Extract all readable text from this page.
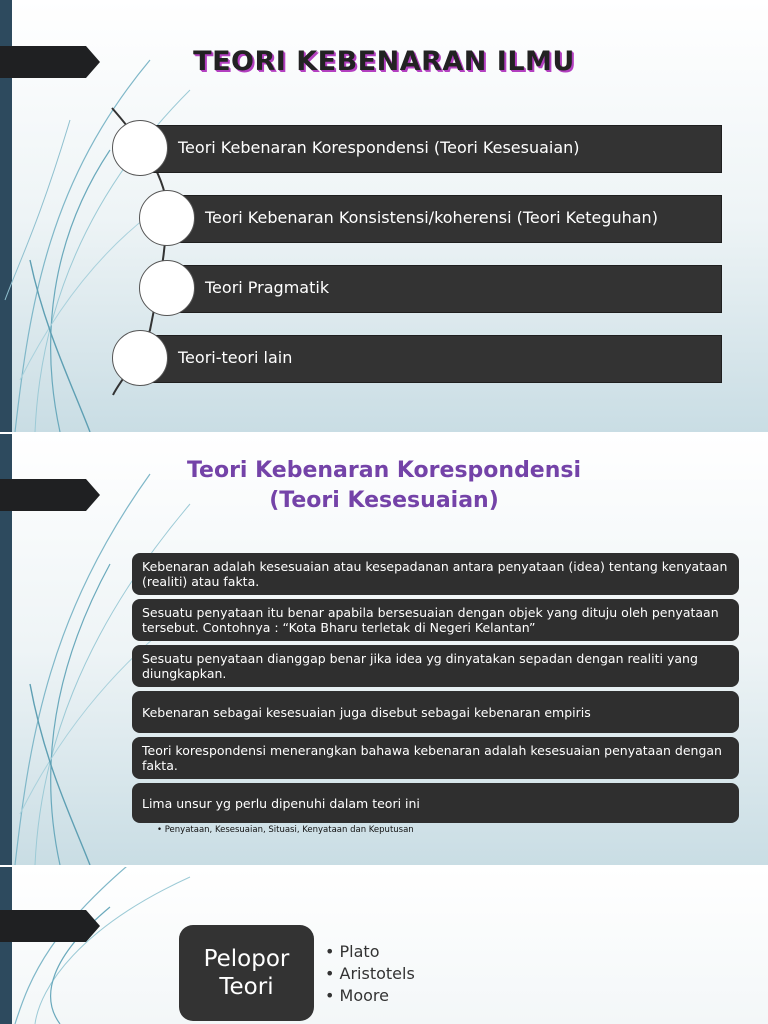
TEORI KEBENARAN ILMU
Teori Kebenaran Korespondensi (Teori Kesesuaian)
Teori Kebenaran Konsistensi/koherensi (Teori Keteguhan)
Teori Pragmatik
Teori-teori lain
Teori Kebenaran Korespondensi
(Teori Kesesuaian)
Kebenaran adalah kesesuaian atau kesepadanan antara penyataan (idea) tentang kenyataan (realiti) atau fakta.
Sesuatu penyataan itu benar apabila bersesuaian dengan objek yang dituju oleh penyataan tersebut. Contohnya : “Kota Bharu terletak di Negeri Kelantan”
Sesuatu penyataan dianggap benar jika idea yg dinyatakan sepadan dengan realiti yang diungkapkan.
Kebenaran sebagai kesesuaian juga disebut sebagai kebenaran empiris
Teori korespondensi menerangkan bahawa kebenaran adalah kesesuaian penyataan dengan fakta.
Lima unsur yg perlu dipenuhi dalam teori ini
• Penyataan, Kesesuaian, Situasi, Kenyataan dan Keputusan
Pelopor
Teori
• Plato
• Aristotels
• Moore
